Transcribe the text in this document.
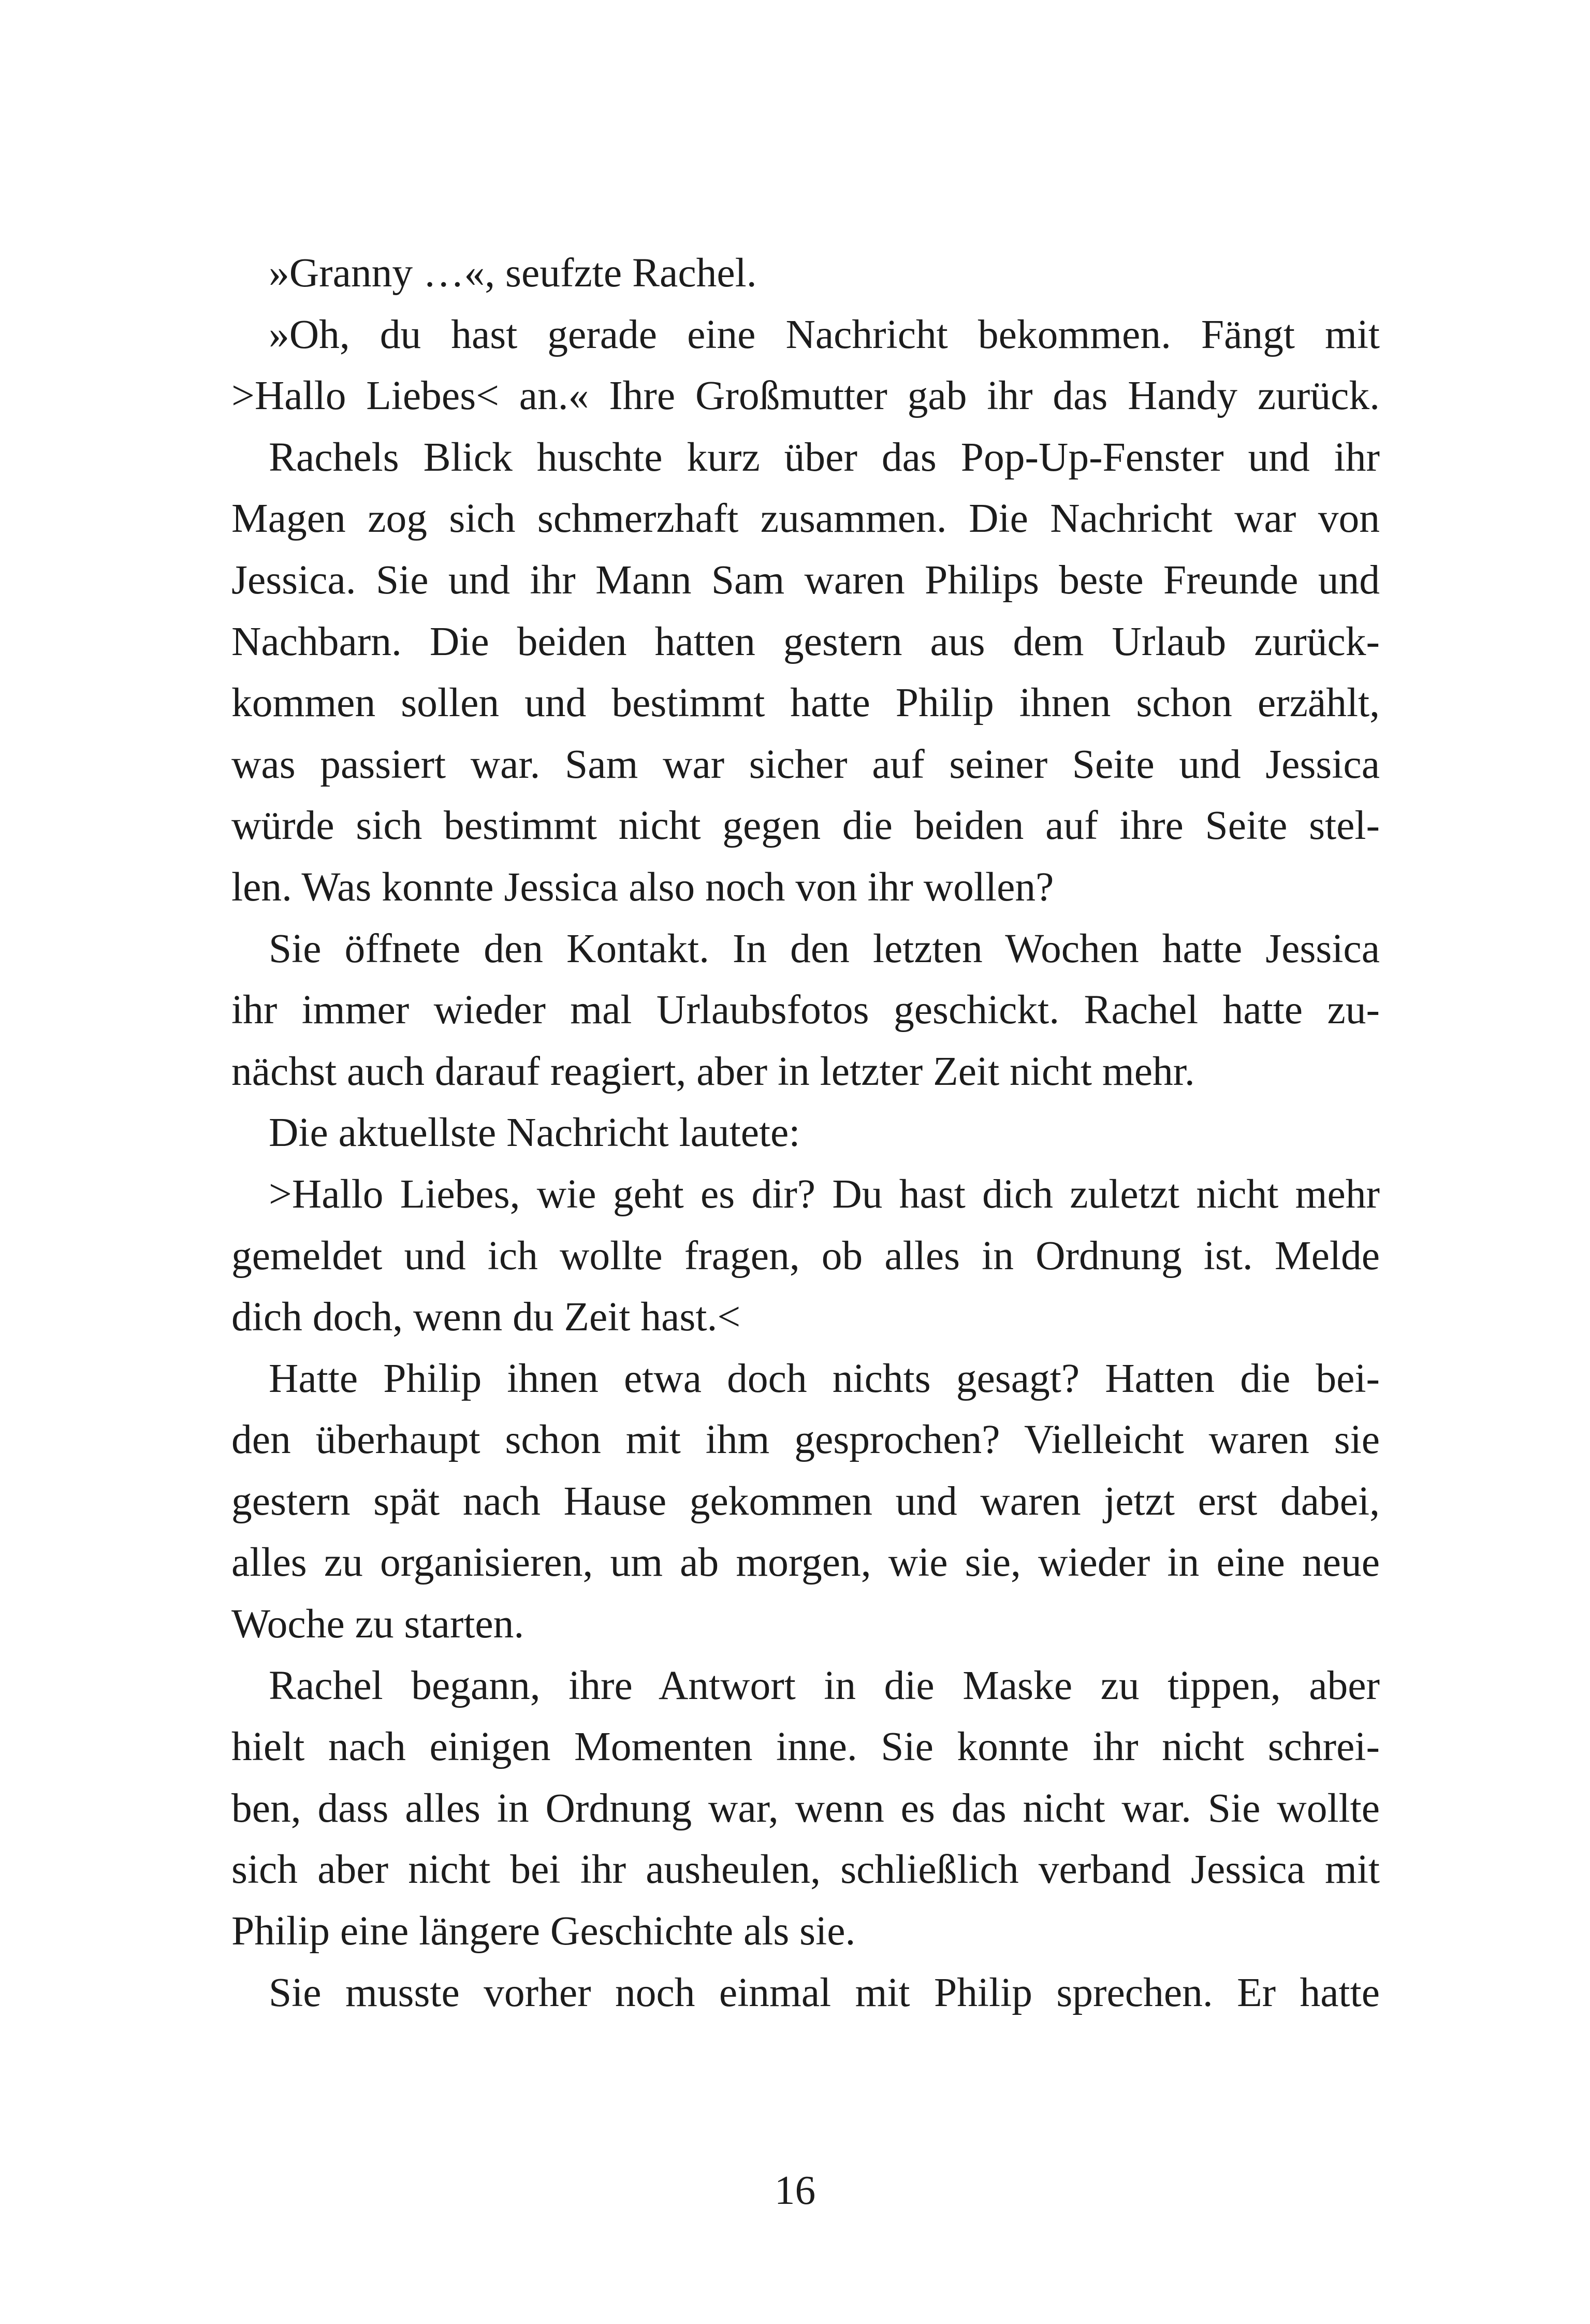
»Granny …«, seufzte Rachel.
»Oh, du hast gerade eine Nachricht bekommen. Fängt mit
>Hallo Liebes< an.« Ihre Großmutter gab ihr das Handy zurück.
Rachels Blick huschte kurz über das Pop-Up-Fenster und ihr
Magen zog sich schmerzhaft zusammen. Die Nachricht war von
Jessica. Sie und ihr Mann Sam waren Philips beste Freunde und
Nachbarn. Die beiden hatten gestern aus dem Urlaub zurück-
kommen sollen und bestimmt hatte Philip ihnen schon erzählt,
was passiert war. Sam war sicher auf seiner Seite und Jessica
würde sich bestimmt nicht gegen die beiden auf ihre Seite stel-
len. Was konnte Jessica also noch von ihr wollen?
Sie öffnete den Kontakt. In den letzten Wochen hatte Jessica
ihr immer wieder mal Urlaubsfotos geschickt. Rachel hatte zu-
nächst auch darauf reagiert, aber in letzter Zeit nicht mehr.
Die aktuellste Nachricht lautete:
>Hallo Liebes, wie geht es dir? Du hast dich zuletzt nicht mehr
gemeldet und ich wollte fragen, ob alles in Ordnung ist. Melde
dich doch, wenn du Zeit hast.<
Hatte Philip ihnen etwa doch nichts gesagt? Hatten die bei-
den überhaupt schon mit ihm gesprochen? Vielleicht waren sie
gestern spät nach Hause gekommen und waren jetzt erst dabei,
alles zu organisieren, um ab morgen, wie sie, wieder in eine neue
Woche zu starten.
Rachel begann, ihre Antwort in die Maske zu tippen, aber
hielt nach einigen Momenten inne. Sie konnte ihr nicht schrei-
ben, dass alles in Ordnung war, wenn es das nicht war. Sie wollte
sich aber nicht bei ihr ausheulen, schließlich verband Jessica mit
Philip eine längere Geschichte als sie.
Sie musste vorher noch einmal mit Philip sprechen. Er hatte
16
